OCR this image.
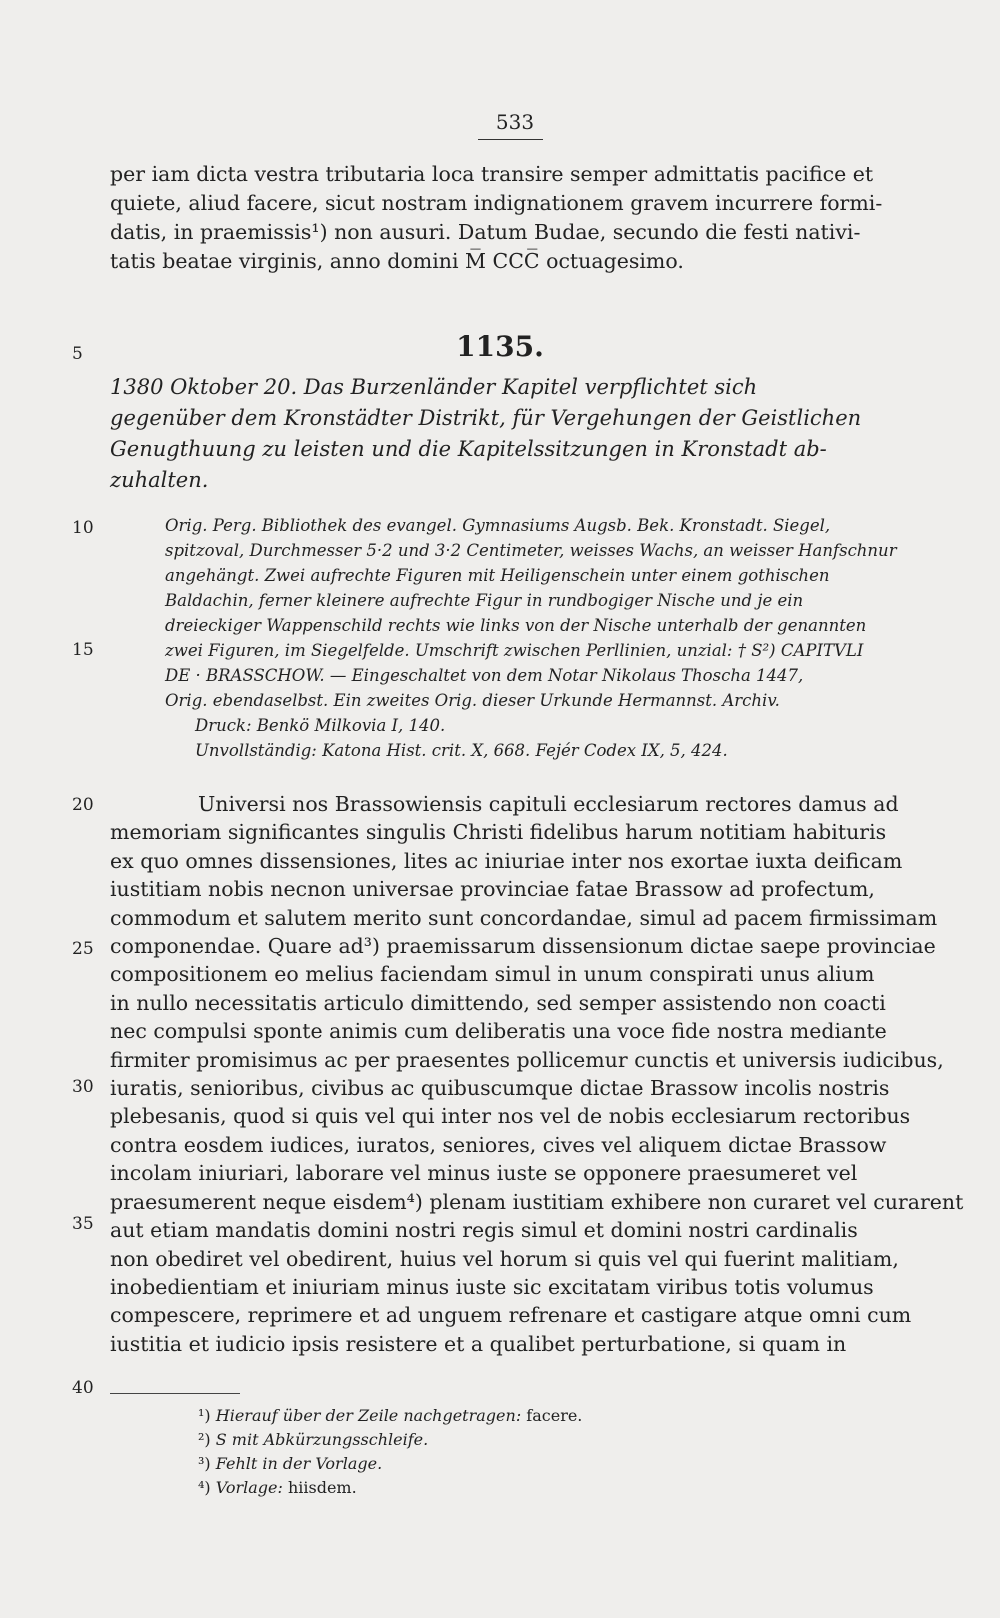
533
per iam dicta vestra tributaria loca transire semper admittatis pacifice et
quiete, aliud facere, sicut nostram indignationem gravem incurrere formi-
datis, in praemissis¹) non ausuri. Datum Budae, secundo die festi nativi-
tatis beatae virginis, anno domini M̅ CCC̅ octuagesimo.
5	1135.
1380 Oktober 20. Das Burzenländer Kapitel verpflichtet sich
gegenüber dem Kronstädter Distrikt, für Vergehungen der Geistlichen
Genugthuung zu leisten und die Kapitelssitzungen in Kronstadt ab-
zuhalten.
10
15
Orig. Perg. Bibliothek des evangel. Gymnasiums Augsb. Bek. Kronstadt. Siegel,
spitzoval, Durchmesser 5·2 und 3·2 Centimeter, weisses Wachs, an weisser Hanfschnur
angehängt. Zwei aufrechte Figuren mit Heiligenschein unter einem gothischen
Baldachin, ferner kleinere aufrechte Figur in rundbogiger Nische und je ein
dreieckiger Wappenschild rechts wie links von der Nische unterhalb der genannten
zwei Figuren, im Siegelfelde. Umschrift zwischen Perllinien, unzial: † S²) CAPITVLI
DE · BRASSCHOW. — Eingeschaltet von dem Notar Nikolaus Thoscha 1447,
Orig. ebendaselbst. Ein zweites Orig. dieser Urkunde Hermannst. Archiv.
Druck: Benkö Milkovia I, 140.
Unvollständig: Katona Hist. crit. X, 668. Fejér Codex IX, 5, 424.
20
25
30
35
40
Universi nos Brassowiensis capituli ecclesiarum rectores damus ad
memoriam significantes singulis Christi fidelibus harum notitiam habituris
ex quo omnes dissensiones, lites ac iniuriae inter nos exortae iuxta deificam
iustitiam nobis necnon universae provinciae fatae Brassow ad profectum,
commodum et salutem merito sunt concordandae, simul ad pacem firmissimam
componendae. Quare ad³) praemissarum dissensionum dictae saepe provinciae
compositionem eo melius faciendam simul in unum conspirati unus alium
in nullo necessitatis articulo dimittendo, sed semper assistendo non coacti
nec compulsi sponte animis cum deliberatis una voce fide nostra mediante
firmiter promisimus ac per praesentes pollicemur cunctis et universis iudicibus,
iuratis, senioribus, civibus ac quibuscumque dictae Brassow incolis nostris
plebesanis, quod si quis vel qui inter nos vel de nobis ecclesiarum rectoribus
contra eosdem iudices, iuratos, seniores, cives vel aliquem dictae Brassow
incolam iniuriari, laborare vel minus iuste se opponere praesumeret vel
praesumerent neque eisdem⁴) plenam iustitiam exhibere non curaret vel curarent
aut etiam mandatis domini nostri regis simul et domini nostri cardinalis
non obediret vel obedirent, huius vel horum si quis vel qui fuerint malitiam,
inobedientiam et iniuriam minus iuste sic excitatam viribus totis volumus
compescere, reprimere et ad unguem refrenare et castigare atque omni cum
iustitia et iudicio ipsis resistere et a qualibet perturbatione, si quam in
¹) Hierauf über der Zeile nachgetragen: facere.
²) S mit Abkürzungsschleife.
³) Fehlt in der Vorlage.
⁴) Vorlage: hiisdem.
